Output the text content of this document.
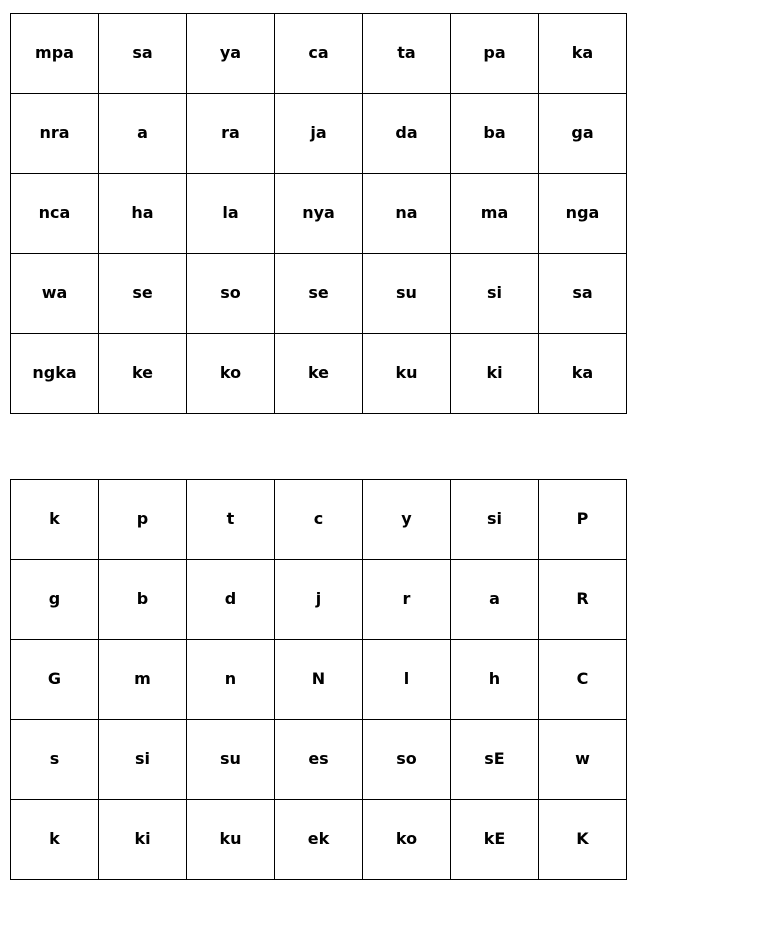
mpa	sa	ya	ca	ta	pa	ka
nra	a	ra	ja	da	ba	ga
nca	ha	la	nya	na	ma	nga
wa	se	so	se	su	si	sa
ngka	ke	ko	ke	ku	ki	ka
k	p	t	c	y	si	P
g	b	d	j	r	a	R
G	m	n	N	l	h	C
s	si	su	es	so	sE	w
k	ki	ku	ek	ko	kE	K
